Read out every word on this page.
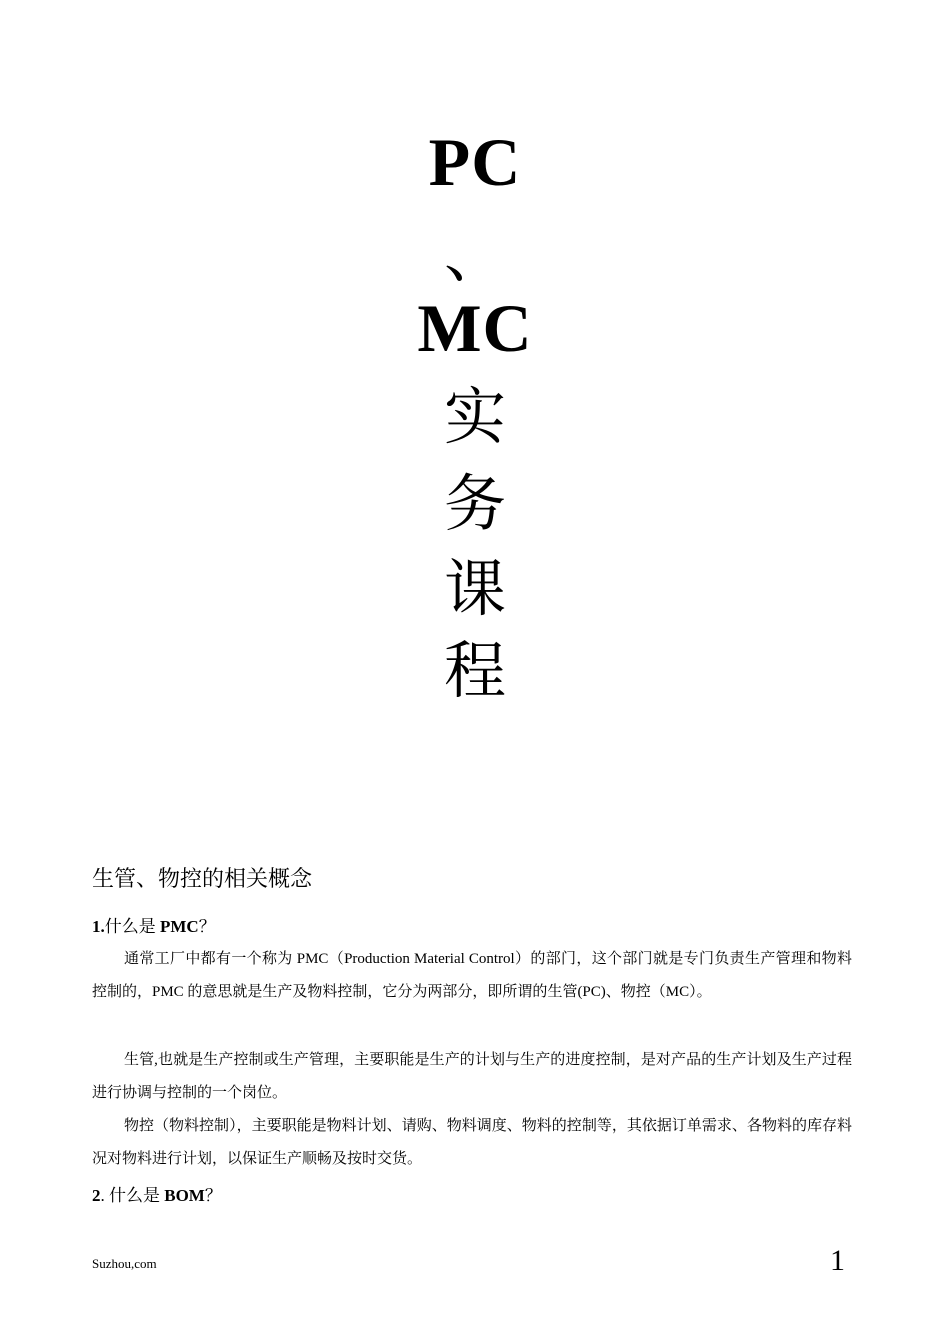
PC
、
MC
实
务
课
程
生管、物控的相关概念
1.什么是 PMC？
通常工厂中都有一个称为 PMC（Production Material Control）的部门，这个部门就是专门负责生产管理和物料控制的，PMC 的意思就是生产及物料控制，它分为两部分，即所谓的生管(PC)、物控（MC）。
生管,也就是生产控制或生产管理，主要职能是生产的计划与生产的进度控制，是对产品的生产计划及生产过程进行协调与控制的一个岗位。
物控（物料控制），主要职能是物料计划、请购、物料调度、物料的控制等，其依据订单需求、各物料的库存料况对物料进行计划，以保证生产顺畅及按时交货。
2. 什么是 BOM？
Suzhou,com	1
